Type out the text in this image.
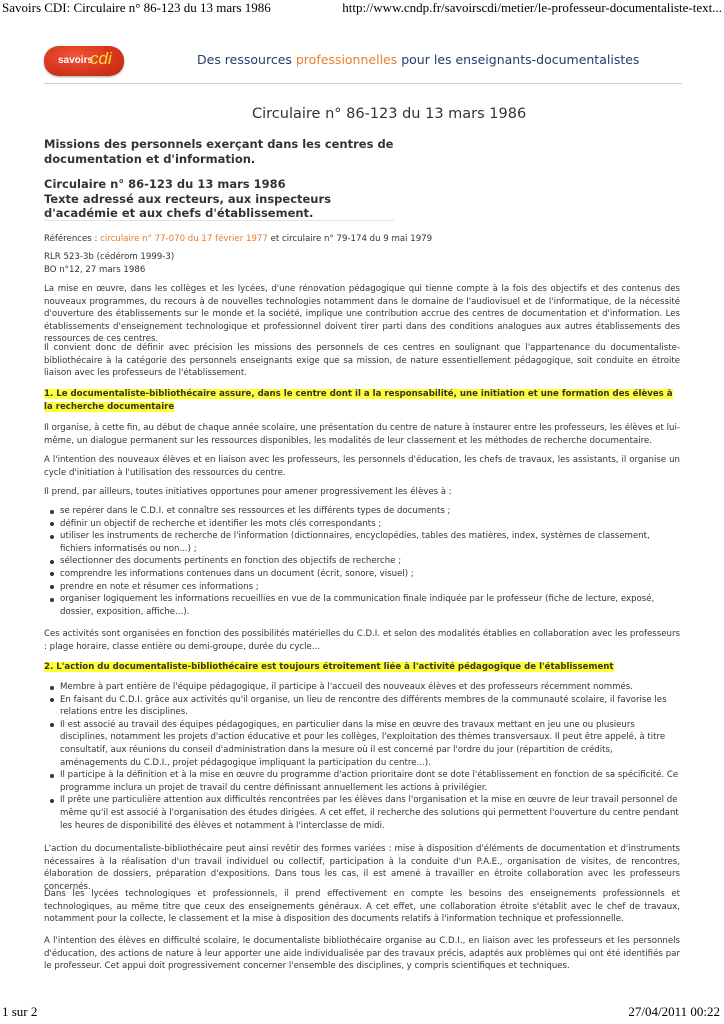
Savoirs CDI: Circulaire n° 86-123 du 13 mars 1986	http://www.cndp.fr/savoirscdi/metier/le-professeur-documentaliste-text...
savoirs
cdi	Des ressources professionnelles pour les enseignants-documentalistes
Circulaire n° 86-123 du 13 mars 1986
Missions des personnels exerçant dans les centres de documentation et d'information.
Circulaire n° 86-123 du 13 mars 1986
Texte adressé aux recteurs, aux inspecteurs d'académie et aux chefs d'établissement.

Références : circulaire n° 77-070 du 17 février 1977 et circulaire n° 79-174 du 9 mai 1979

RLR 523-3b (cédérom 1999-3)

BO n°12, 27 mars 1986

La mise en œuvre, dans les collèges et les lycées, d'une rénovation pédagogique qui tienne compte à la fois des objectifs et des contenus des nouveaux programmes, du recours à de nouvelles technologies notamment dans le domaine de l'audiovisuel et de l'informatique, de la nécessité d'ouverture des établissements sur le monde et la société, implique une contribution accrue des centres de documentation et d'information. Les établissements d'enseignement technologique et professionnel doivent tirer parti dans des conditions analogues aux autres établissements des ressources de ces centres.

Il convient donc de définir avec précision les missions des personnels de ces centres en soulignant que l'appartenance du documentaliste-bibliothécaire à la catégorie des personnels enseignants exige que sa mission, de nature essentiellement pédagogique, soit conduite en étroite liaison avec les professeurs de l'établissement.

1. Le documentaliste-bibliothécaire assure, dans le centre dont il a la responsabilité, une initiation et une formation des élèves à la recherche documentaire

Il organise, à cette fin, au début de chaque année scolaire, une présentation du centre de nature à instaurer entre les professeurs, les élèves et lui-même, un dialogue permanent sur les ressources disponibles, les modalités de leur classement et les méthodes de recherche documentaire.

A l'intention des nouveaux élèves et en liaison avec les professeurs, les personnels d'éducation, les chefs de travaux, les assistants, il organise un cycle d'initiation à l'utilisation des ressources du centre.

Il prend, par ailleurs, toutes initiatives opportunes pour amener progressivement les élèves à :

se repérer dans le C.D.I. et connaître ses ressources et les différents types de documents ;
définir un objectif de recherche et identifier les mots clés correspondants ;
utiliser les instruments de recherche de l'information (dictionnaires, encyclopédies, tables des matières, index, systèmes de classement, fichiers informatisés ou non...) ;
sélectionner des documents pertinents en fonction des objectifs de recherche ;
comprendre les informations contenues dans un document (écrit, sonore, visuel) ;
prendre en note et résumer ces informations ;
organiser logiquement les informations recueillies en vue de la communication finale indiquée par le professeur (fiche de lecture, exposé, dossier, exposition, affiche...).

Ces activités sont organisées en fonction des possibilités matérielles du C.D.I. et selon des modalités établies en collaboration avec les professeurs : plage horaire, classe entière ou demi-groupe, durée du cycle...

2. L'action du documentaliste-bibliothécaire est toujours étroitement liée à l'activité pédagogique de l'établissement
Membre à part entière de l'équipe pédagogique, il participe à l'accueil des nouveaux élèves et des professeurs récemment nommés.
En faisant du C.D.I. grâce aux activités qu'il organise, un lieu de rencontre des différents membres de la communauté scolaire, il favorise les relations entre les disciplines.
Il est associé au travail des équipes pédagogiques, en particulier dans la mise en œuvre des travaux mettant en jeu une ou plusieurs disciplines, notamment les projets d'action éducative et pour les collèges, l'exploitation des thèmes transversaux. Il peut être appelé, à titre consultatif, aux réunions du conseil d'administration dans la mesure où il est concerné par l'ordre du jour (répartition de crédits, aménagements du C.D.I., projet pédagogique impliquant la participation du centre...).
Il participe à la définition et à la mise en œuvre du programme d'action prioritaire dont se dote l'établissement en fonction de sa spécificité. Ce programme inclura un projet de travail du centre définissant annuellement les actions à privilégier.
Il prête une particulière attention aux difficultés rencontrées par les élèves dans l'organisation et la mise en œuvre de leur travail personnel de même qu'il est associé à l'organisation des études dirigées. A cet effet, il recherche des solutions qui permettent l'ouverture du centre pendant les heures de disponibilité des élèves et notamment à l'interclasse de midi.

L'action du documentaliste-bibliothécaire peut ainsi revêtir des formes variées : mise à disposition d'éléments de documentation et d'instruments nécessaires à la réalisation d'un travail individuel ou collectif, participation à la conduite d'un P.A.E., organisation de visites, de rencontres, élaboration de dossiers, préparation d'expositions. Dans tous les cas, il est amené à travailler en étroite collaboration avec les professeurs concernés.

Dans les lycées technologiques et professionnels, il prend effectivement en compte les besoins des enseignements professionnels et technologiques, au même titre que ceux des enseignements généraux. A cet effet, une collaboration étroite s'établit avec le chef de travaux, notamment pour la collecte, le classement et la mise à disposition des documents relatifs à l'information technique et professionnelle.

A l'intention des élèves en difficulté scolaire, le documentaliste bibliothécaire organise au C.D.I., en liaison avec les professeurs et les personnels d'éducation, des actions de nature à leur apporter une aide individualisée par des travaux précis, adaptés aux problèmes qui ont été identifiés par le professeur. Cet appui doit progressivement concerner l'ensemble des disciplines, y compris scientifiques et techniques.

1 sur 2	27/04/2011 00:22
